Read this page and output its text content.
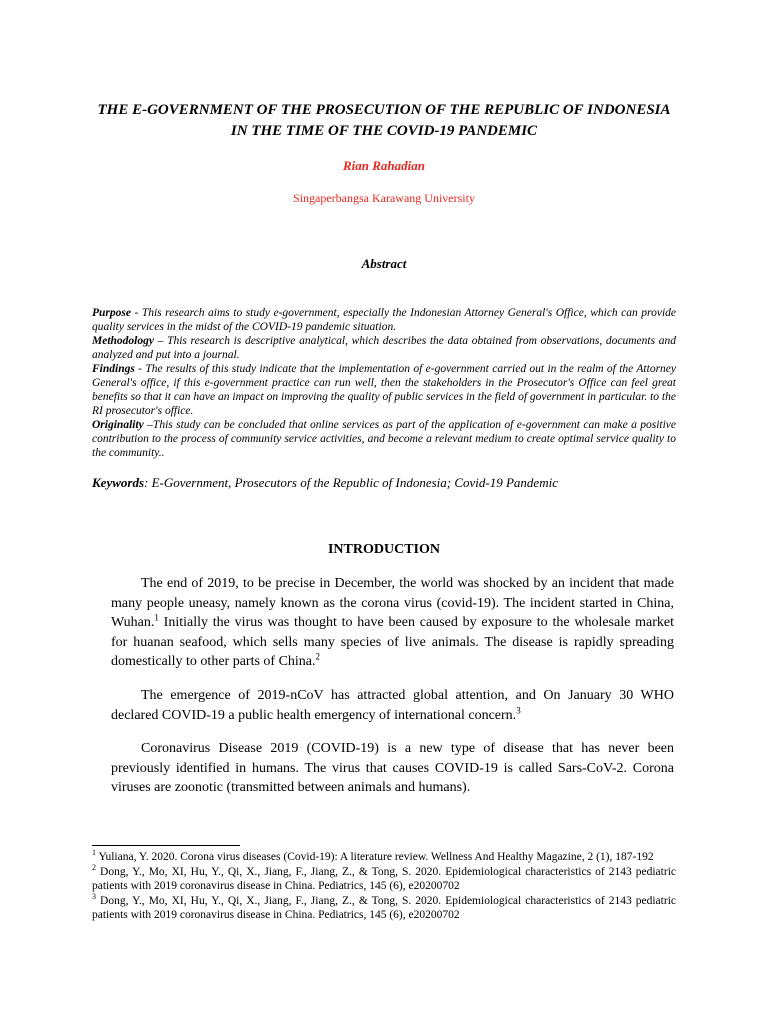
THE E-GOVERNMENT OF THE PROSECUTION OF THE REPUBLIC OF INDONESIA IN THE TIME OF THE COVID-19 PANDEMIC

Rian Rahadian

Singaperbangsa Karawang University

Abstract

Purpose - This research aims to study e-government, especially the Indonesian Attorney General's Office, which can provide quality services in the midst of the COVID-19 pandemic situation.
Methodology – This research is descriptive analytical, which describes the data obtained from observations, documents and analyzed and put into a journal.
Findings - The results of this study indicate that the implementation of e-government carried out in the realm of the Attorney General's office, if this e-government practice can run well, then the stakeholders in the Prosecutor's Office can feel great benefits so that it can have an impact on improving the quality of public services in the field of government in particular. to the RI prosecutor's office.
Originality –This study can be concluded that online services as part of the application of e-government can make a positive contribution to the process of community service activities, and become a relevant medium to create optimal service quality to the community..

Keywords: E-Government, Prosecutors of the Republic of Indonesia; Covid-19 Pandemic

INTRODUCTION

The end of 2019, to be precise in December, the world was shocked by an incident that made many people uneasy, namely known as the corona virus (covid-19). The incident started in China, Wuhan.$^1$ Initially the virus was thought to have been caused by exposure to the wholesale market for huanan seafood, which sells many species of live animals. The disease is rapidly spreading domestically to other parts of China.$^2$

The emergence of 2019-nCoV has attracted global attention, and On January 30 WHO declared COVID-19 a public health emergency of international concern.$^3$

Coronavirus Disease 2019 (COVID-19) is a new type of disease that has never been previously identified in humans. The virus that causes COVID-19 is called Sars-CoV-2. Corona viruses are zoonotic (transmitted between animals and humans).

$^1$ Yuliana, Y. 2020. Corona virus diseases (Covid-19): A literature review. Wellness And Healthy Magazine, 2 (1), 187-192

$^2$ Dong, Y., Mo, XI, Hu, Y., Qi, X., Jiang, F., Jiang, Z., & Tong, S. 2020. Epidemiological characteristics of 2143 pediatric patients with 2019 coronavirus disease in China. Pediatrics, 145 (6), e20200702

$^3$ Dong, Y., Mo, XI, Hu, Y., Qi, X., Jiang, F., Jiang, Z., & Tong, S. 2020. Epidemiological characteristics of 2143 pediatric patients with 2019 coronavirus disease in China. Pediatrics, 145 (6), e20200702
